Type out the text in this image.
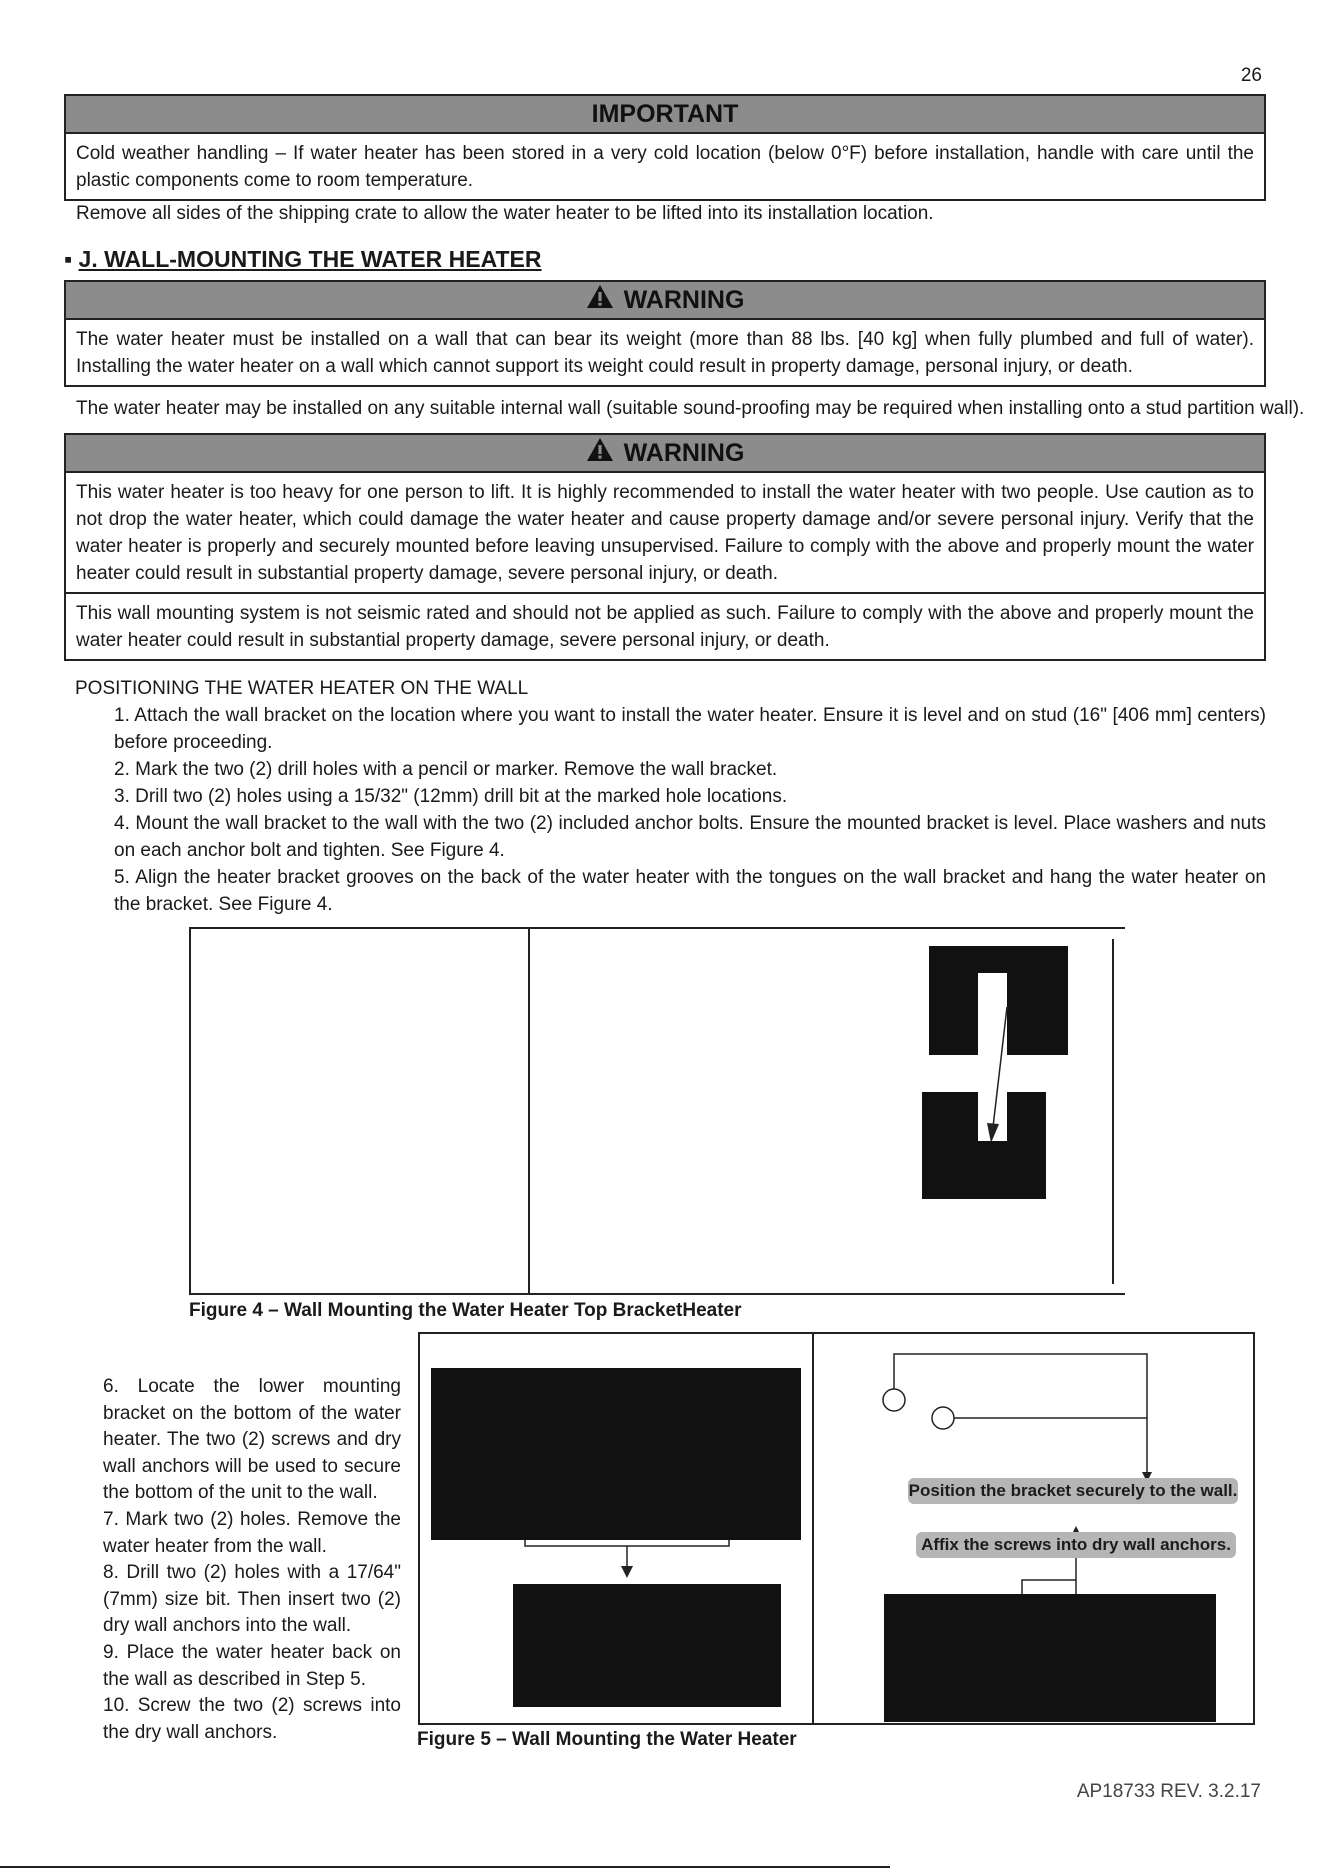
26
IMPORTANT
Cold weather handling – If water heater has been stored in a very cold location (below 0°F) before installation, handle with care until the plastic components come to room temperature.
Remove all sides of the shipping crate to allow the water heater to be lifted into its installation location.
▪ J. WALL-MOUNTING THE WATER HEATER
WARNING
The water heater must be installed on a wall that can bear its weight (more than 88 lbs. [40 kg] when fully plumbed and full of water). Installing the water heater on a wall which cannot support its weight could result in property damage, personal injury, or death.
The water heater may be installed on any suitable internal wall (suitable sound-proofing may be required when installing onto a stud partition wall).
WARNING
This water heater is too heavy for one person to lift. It is highly recommended to install the water heater with two people. Use caution as to not drop the water heater, which could damage the water heater and cause property damage and/or severe personal injury. Verify that the water heater is properly and securely mounted before leaving unsupervised. Failure to comply with the above and properly mount the water heater could result in substantial property damage, severe personal injury, or death.
This wall mounting system is not seismic rated and should not be applied as such. Failure to comply with the above and properly mount the water heater could result in substantial property damage, severe personal injury, or death.
POSITIONING THE WATER HEATER ON THE WALL
1. Attach the wall bracket on the location where you want to install the water heater. Ensure it is level and on stud (16" [406 mm] centers) before proceeding.
2. Mark the two (2) drill holes with a pencil or marker. Remove the wall bracket.
3. Drill two (2) holes using a 15/32" (12mm) drill bit at the marked hole locations.
4. Mount the wall bracket to the wall with the two (2) included anchor bolts. Ensure the mounted bracket is level. Place washers and nuts on each anchor bolt and tighten. See Figure 4.
5. Align the heater bracket grooves on the back of the water heater with the tongues on the wall bracket and hang the water heater on the bracket. See Figure 4.
Figure 4 – Wall Mounting the Water Heater Top BracketHeater
6. Locate the lower mounting bracket on the bottom of the water heater. The two (2) screws and dry wall anchors will be used to secure the bottom of the unit to the wall.
7. Mark two (2) holes. Remove the water heater from the wall.
8. Drill two (2) holes with a 17/64" (7mm) size bit. Then insert two (2) dry wall anchors into the wall.
9. Place the water heater back on the wall as described in Step 5.
10. Screw the two (2) screws into the dry wall anchors.
Position the bracket securely to the wall.
Affix the screws into dry wall anchors.
Figure 5 – Wall Mounting the Water Heater
AP18733 REV. 3.2.17
